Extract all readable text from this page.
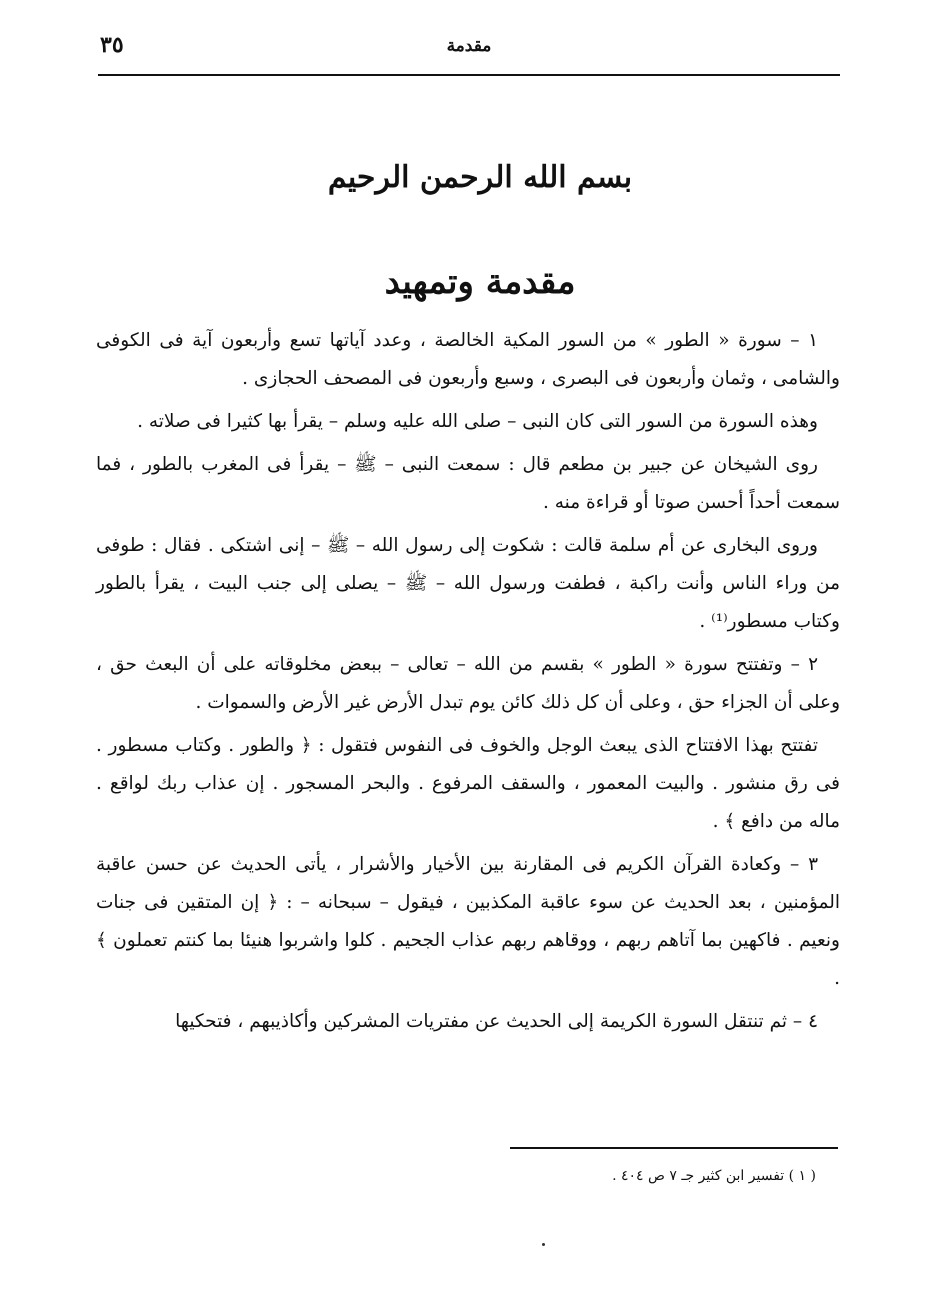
مقدمة
٣٥
بسم الله الرحمن الرحيم
مقدمة وتمهيد

١ – سورة « الطور » من السور المكية الخالصة ، وعدد آياتها تسع وأربعون آية فى الكوفى والشامى ، وثمان وأربعون فى البصرى ، وسبع وأربعون فى المصحف الحجازى .

وهذه السورة من السور التى كان النبى – صلى الله عليه وسلم – يقرأ بها كثيرا فى صلاته .

روى الشيخان عن جبير بن مطعم قال : سمعت النبى – ﷺ – يقرأ فى المغرب بالطور ، فما سمعت أحداً أحسن صوتا أو قراءة منه .

وروى البخارى عن أم سلمة قالت : شكوت إلى رسول الله – ﷺ – إنى اشتكى . فقال : طوفى من وراء الناس وأنت راكبة ، فطفت ورسول الله – ﷺ – يصلى إلى جنب البيت ، يقرأ بالطور وكتاب مسطور⁽¹⁾ .

٢ – وتفتتح سورة « الطور » بقسم من الله – تعالى – ببعض مخلوقاته على أن البعث حق ، وعلى أن الجزاء حق ، وعلى أن كل ذلك كائن يوم تبدل الأرض غير الأرض والسموات .

تفتتح بهذا الافتتاح الذى يبعث الوجل والخوف فى النفوس فتقول : ﴿ والطور . وكتاب مسطور . فى رق منشور . والبيت المعمور ، والسقف المرفوع . والبحر المسجور . إن عذاب ربك لواقع . ماله من دافع ﴾ .

٣ – وكعادة القرآن الكريم فى المقارنة بين الأخيار والأشرار ، يأتى الحديث عن حسن عاقبة المؤمنين ، بعد الحديث عن سوء عاقبة المكذبين ، فيقول – سبحانه – : ﴿ إن المتقين فى جنات ونعيم . فاكهين بما آتاهم ربهم ، ووقاهم ربهم عذاب الجحيم . كلوا واشربوا هنيئا بما كنتم تعملون ﴾ .

٤ – ثم تنتقل السورة الكريمة إلى الحديث عن مفتريات المشركين وأكاذيبهم ، فتحكيها

( ١ ) تفسير ابن كثير جـ ٧ ص ٤٠٤ .
